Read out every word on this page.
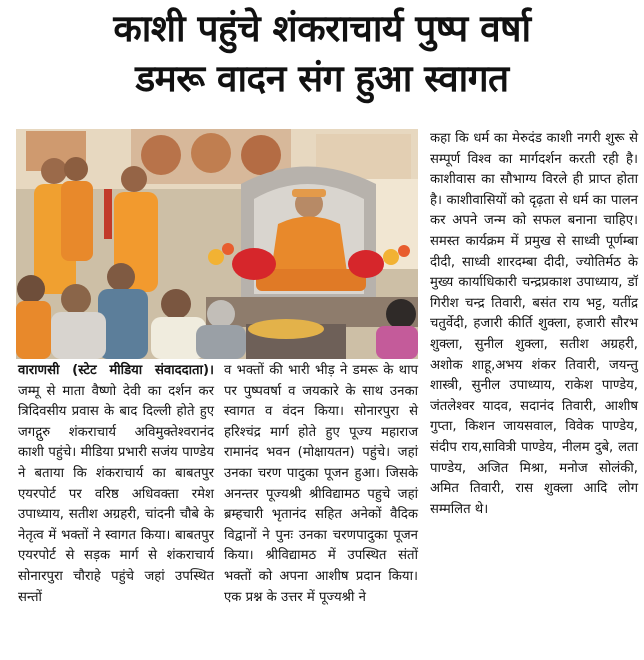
काशी पहुंचे शंकराचार्य पुष्प वर्षा
डमरू वादन संग हुआ स्वागत

वाराणसी (स्टेट मीडिया संवाददाता)। जम्मू से माता वैष्णो देवी का दर्शन कर त्रिदिवसीय प्रवास के बाद दिल्ली होते हुए जगद्गुरु शंकराचार्य अविमुक्तेश्वरानंद काशी पहुंचे। मीडिया प्रभारी सजंय पाण्डेय ने बताया कि शंकराचार्य का बाबतपुर एयरपोर्ट पर वरिष्ठ अधिवक्ता रमेश उपाध्याय, सतीश अग्रहरी, चांदनी चौबे के नेतृत्व में भक्तों ने स्वागत किया। बाबतपुर एयरपोर्ट से सड़क मार्ग से शंकराचार्य सोनारपुरा चौराहे पहुंचे जहां उपस्थित सन्तों

व भक्तों की भारी भीड़ ने डमरू के थाप पर पुष्पवर्षा व जयकारे के साथ उनका स्वागत व वंदन किया। सोनारपुरा से हरिश्चंद्र मार्ग होते हुए पूज्य महाराज रामानंद भवन (मोक्षायतन) पहुंचे। जहां उनका चरण पादुका पूजन हुआ। जिसके अनन्तर पूज्यश्री श्रीविद्यामठ पहुचे जहां ब्रम्हचारी भृतानंद सहित अनेकों वैदिक विद्वानों ने पुनः उनका चरणपादुका पूजन किया। श्रीविद्यामठ में उपस्थित संतों भक्तों को अपना आशीष प्रदान किया। एक प्रश्न के उत्तर में पूज्यश्री ने

कहा कि धर्म का मेरुदंड काशी नगरी शुरू से सम्पूर्ण विश्व का मार्गदर्शन करती रही है।काशीवास का सौभाग्य विरले ही प्राप्त होता है। काशीवासियों को दृढ़ता से धर्म का पालन कर अपने जन्म को सफल बनाना चाहिए। समस्त कार्यक्रम में प्रमुख से साध्वी पूर्णम्बा दीदी, साध्वी शारदम्बा दीदी, ज्योतिर्मठ के मुख्य कार्याधिकारी चन्द्रप्रकाश उपाध्याय, डॉ गिरीश चन्द्र तिवारी, बसंत राय भट्ट, यतींद्र चतुर्वेदी, हजारी कीर्ति शुक्ला, हजारी सौरभ शुक्ला, सुनील शुक्ला, सतीश अग्रहरी, अशोक शाहू,अभय शंकर तिवारी, जयन्तु शास्त्री, सुनील उपाध्याय, राकेश पाण्डेय, जंतलेश्वर यादव, सदानंद तिवारी, आशीष गुप्ता, किशन जायसवाल, विवेक पाण्डेय, संदीप राय,सावित्री पाण्डेय, नीलम दुबे, लता पाण्डेय, अजित मिश्रा, मनोज सोलंकी, अमित तिवारी, रास शुक्ला आदि लोग सम्मलित थे।
